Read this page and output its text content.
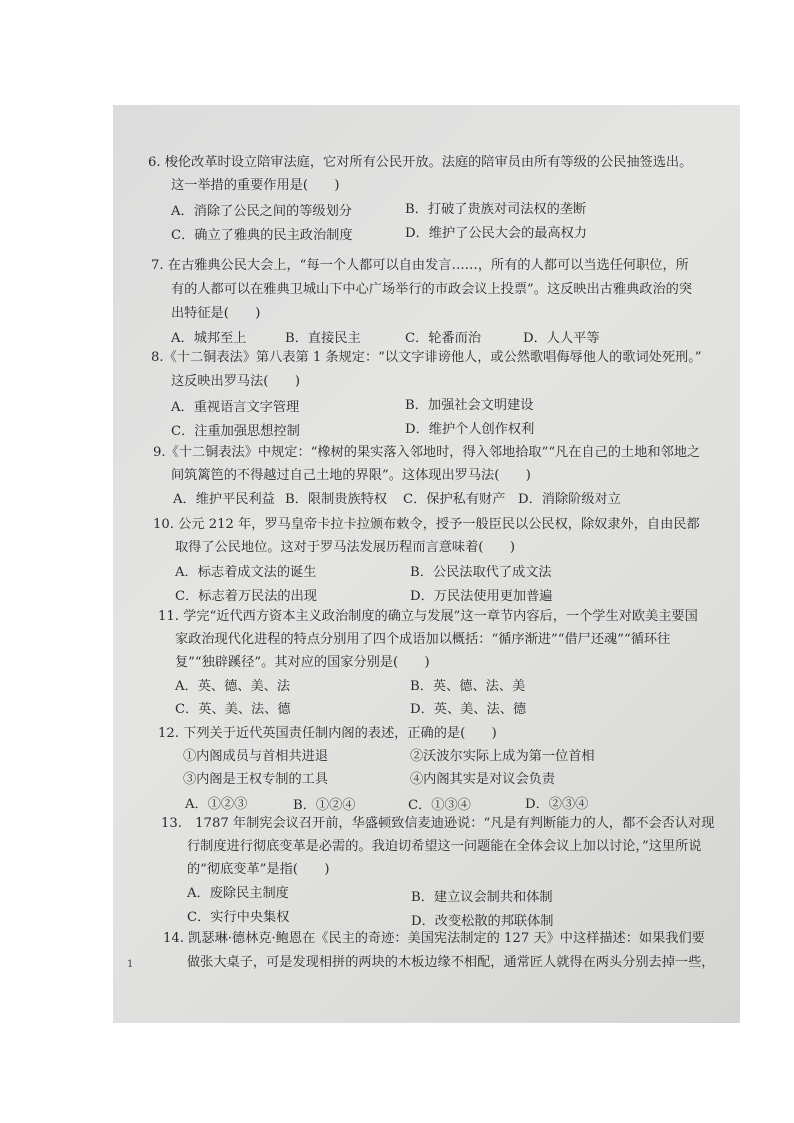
6. 梭伦改革时设立陪审法庭，它对所有公民开放。法庭的陪审员由所有等级的公民抽签选出。
这一举措的重要作用是(　　)
A．消除了公民之间的等级划分	B．打破了贵族对司法权的垄断
C．确立了雅典的民主政治制度	D．维护了公民大会的最高权力
7. 在古雅典公民大会上，“每一个人都可以自由发言……，所有的人都可以当选任何职位，所
有的人都可以在雅典卫城山下中心广场举行的市政会议上投票”。这反映出古雅典政治的突
出特征是(　　)
A．城邦至上	B．直接民主	C．轮番而治	D．人人平等
8.《十二铜表法》第八表第 1 条规定：“以文字诽谤他人，或公然歌唱侮辱他人的歌词处死刑。”
这反映出罗马法(　　)
A．重视语言文字管理	B．加强社会文明建设
C．注重加强思想控制	D．维护个人创作权利
9.《十二铜表法》中规定：“橡树的果实落入邻地时，得入邻地拾取”“凡在自己的土地和邻地之
间筑篱笆的不得越过自己土地的界限”。这体现出罗马法(　　)
A．维护平民利益 B．限制贵族特权 C．保护私有财产 D．消除阶级对立
10. 公元 212 年，罗马皇帝卡拉卡拉颁布敕令，授予一般臣民以公民权，除奴隶外，自由民都
取得了公民地位。这对于罗马法发展历程而言意味着(　　)
A．标志着成文法的诞生	B．公民法取代了成文法
C．标志着万民法的出现	D．万民法使用更加普遍
11. 学完“近代西方资本主义政治制度的确立与发展”这一章节内容后，一个学生对欧美主要国
家政治现代化进程的特点分别用了四个成语加以概括：“循序渐进”“借尸还魂”“循环往
复”“独辟蹊径”。其对应的国家分别是(　　)
A．英、德、美、法	B．英、德、法、美
C．英、美、法、德	D．英、美、法、德
12. 下列关于近代英国责任制内阁的表述，正确的是(　　)
①内阁成员与首相共进退	②沃波尔实际上成为第一位首相
③内阁是王权专制的工具	④内阁其实是对议会负责
A．①②③	B．①②④	C．①③④	D．②③④
13.　1787 年制宪会议召开前，华盛顿致信麦迪逊说：“凡是有判断能力的人，都不会否认对现
行制度进行彻底变革是必需的。我迫切希望这一问题能在全体会议上加以讨论，”这里所说
的“彻底变革”是指(　　)
A．废除民主制度	B．建立议会制共和体制
C．实行中央集权	D．改变松散的邦联体制
14. 凯瑟琳·德林克·鲍恩在《民主的奇迹：美国宪法制定的 127 天》中这样描述：如果我们要
做张大桌子，可是发现相拼的两块的木板边缘不相配，通常匠人就得在两头分别去掉一些，
1
